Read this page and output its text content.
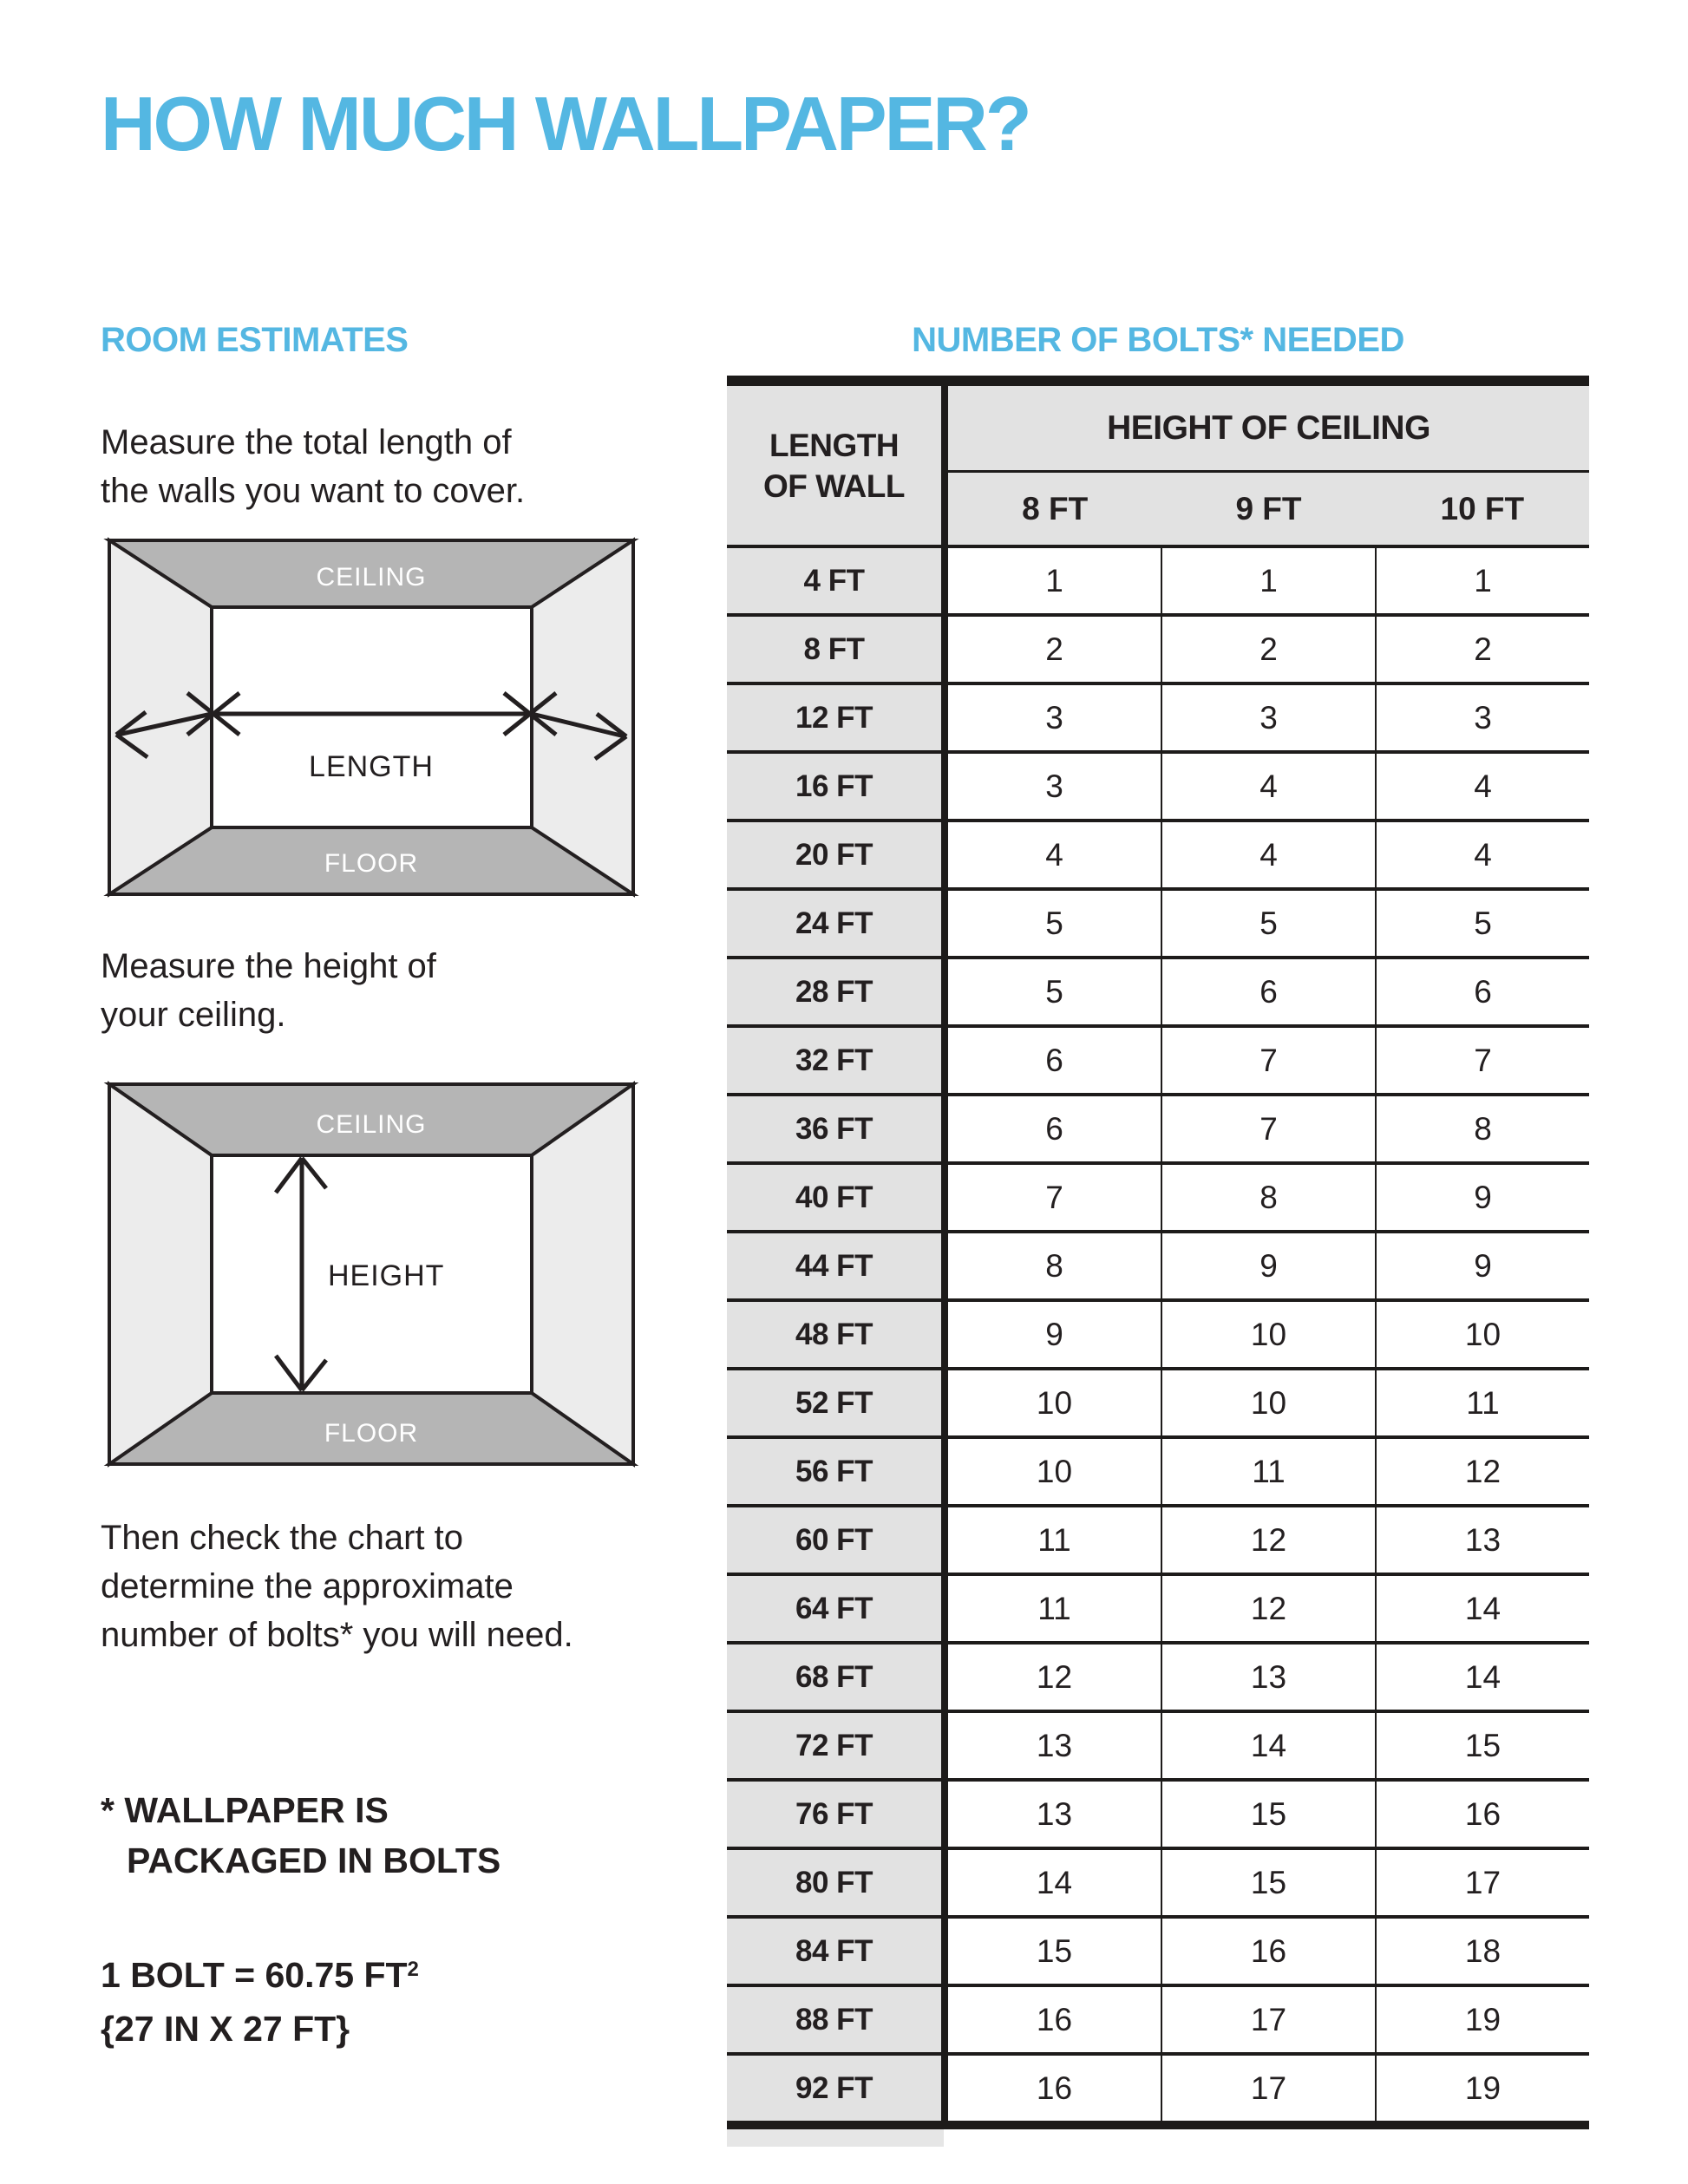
HOW MUCH WALLPAPER?
ROOM ESTIMATES	NUMBER OF BOLTS* NEEDED
Measure the total length of
the walls you want to cover.
CEILING
FLOOR
LENGTH
Measure the height of
your ceiling.
CEILING
FLOOR
HEIGHT
Then check the chart to
determine the approximate
number of bolts* you will need.
* WALLPAPER IS
PACKAGED IN BOLTS
1 BOLT = 60.75 $FT^2$
{27 IN X 27 FT}
LENGTH
OF WALL
HEIGHT OF CEILING
8 FT	9 FT	10 FT
4 FT	1	1	1
8 FT	2	2	2
12 FT	3	3	3
16 FT	3	4	4
20 FT	4	4	4
24 FT	5	5	5
28 FT	5	6	6
32 FT	6	7	7
36 FT	6	7	8
40 FT	7	8	9
44 FT	8	9	9
48 FT	9	10	10
52 FT	10	10	11
56 FT	10	11	12
60 FT	11	12	13
64 FT	11	12	14
68 FT	12	13	14
72 FT	13	14	15
76 FT	13	15	16
80 FT	14	15	17
84 FT	15	16	18
88 FT	16	17	19
92 FT	16	17	19
